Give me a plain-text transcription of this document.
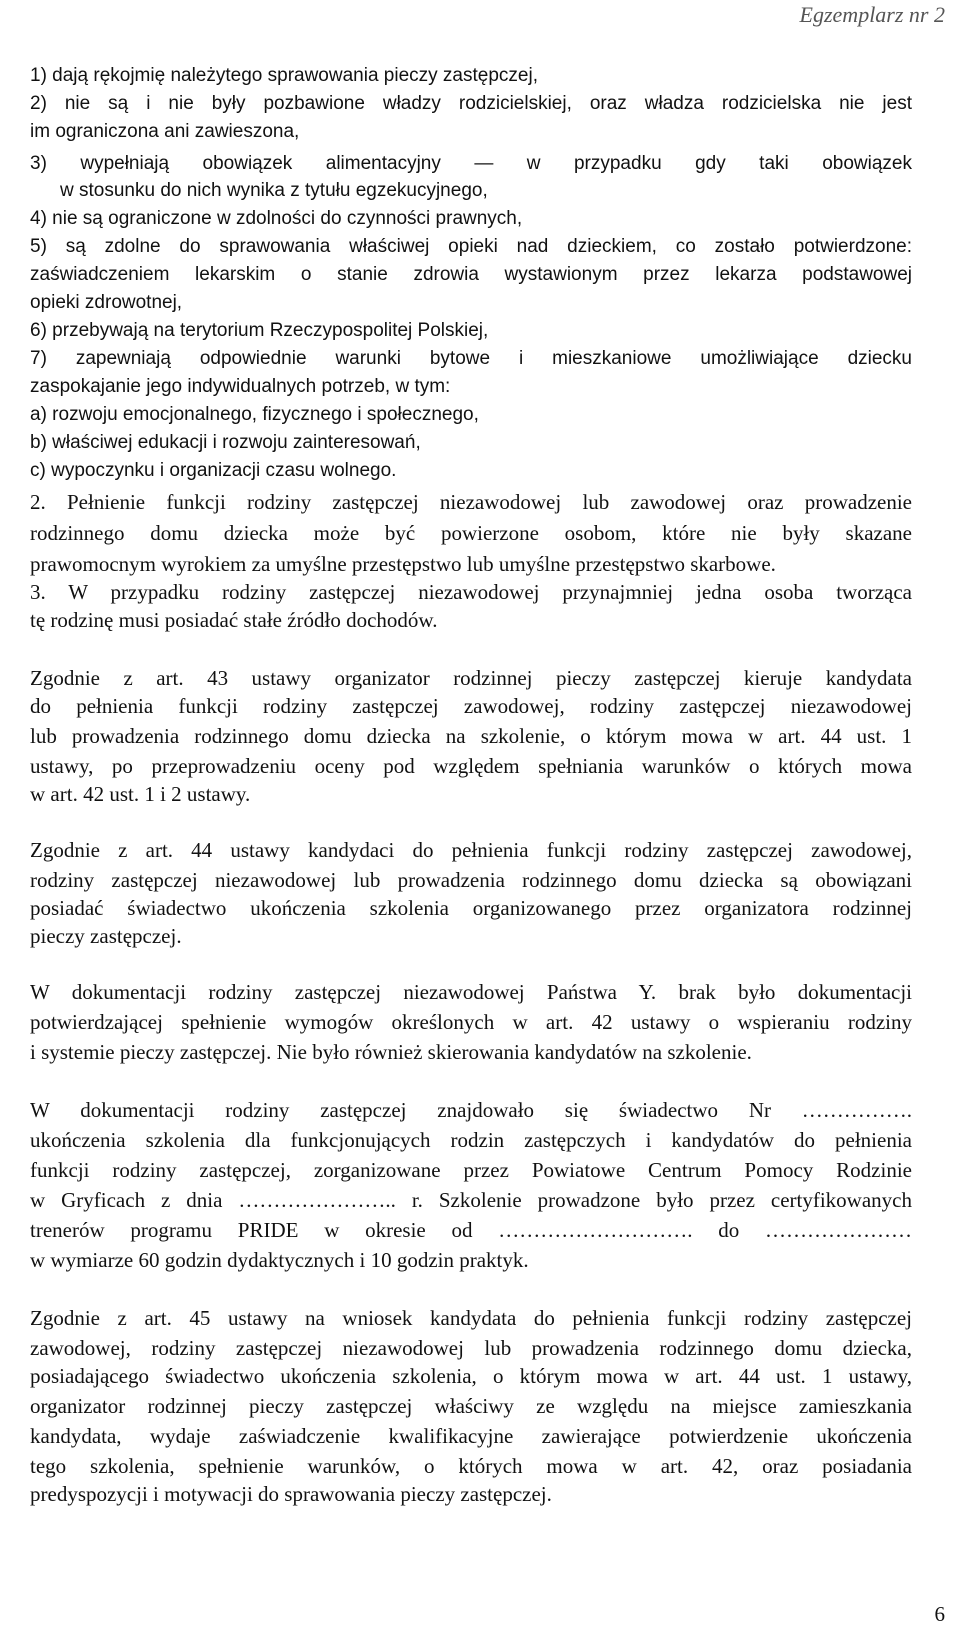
Egzemplarz nr 2
1) dają rękojmię należytego sprawowania pieczy zastępczej,
2) nie są i nie były pozbawione władzy rodzicielskiej, oraz władza rodzicielska nie jest
im ograniczona ani zawieszona,
3) wypełniają obowiązek alimentacyjny — w przypadku gdy taki obowiązek
w stosunku do nich wynika z tytułu egzekucyjnego,
4) nie są ograniczone w zdolności do czynności prawnych,
5) są zdolne do sprawowania właściwej opieki nad dzieckiem, co zostało potwierdzone:
zaświadczeniem lekarskim o stanie zdrowia wystawionym przez lekarza podstawowej
opieki zdrowotnej,
6) przebywają na terytorium Rzeczypospolitej Polskiej,
7) zapewniają odpowiednie warunki bytowe i mieszkaniowe umożliwiające dziecku
zaspokajanie jego indywidualnych potrzeb, w tym:
a) rozwoju emocjonalnego, fizycznego i społecznego,
b) właściwej edukacji i rozwoju zainteresowań,
c) wypoczynku i organizacji czasu wolnego.
2. Pełnienie funkcji rodziny zastępczej niezawodowej lub zawodowej oraz prowadzenie
rodzinnego domu dziecka może być powierzone osobom, które nie były skazane
prawomocnym wyrokiem za umyślne przestępstwo lub umyślne przestępstwo skarbowe.
3. W przypadku rodziny zastępczej niezawodowej przynajmniej jedna osoba tworząca
tę rodzinę musi posiadać stałe źródło dochodów.
Zgodnie z art. 43 ustawy organizator rodzinnej pieczy zastępczej kieruje kandydata
do pełnienia funkcji rodziny zastępczej zawodowej, rodziny zastępczej niezawodowej
lub prowadzenia rodzinnego domu dziecka na szkolenie, o którym mowa w art. 44 ust. 1
ustawy, po przeprowadzeniu oceny pod względem spełniania warunków o których mowa
w art. 42 ust. 1 i 2 ustawy.
Zgodnie z art. 44 ustawy kandydaci do pełnienia funkcji rodziny zastępczej zawodowej,
rodziny zastępczej niezawodowej lub prowadzenia rodzinnego domu dziecka są obowiązani
posiadać świadectwo ukończenia szkolenia organizowanego przez organizatora rodzinnej
pieczy zastępczej.
W dokumentacji rodziny zastępczej niezawodowej Państwa Y. brak było dokumentacji
potwierdzającej spełnienie wymogów określonych w art. 42 ustawy o wspieraniu rodziny
i systemie pieczy zastępczej. Nie było również skierowania kandydatów na szkolenie.
W dokumentacji rodziny zastępczej znajdowało się świadectwo Nr …………….
ukończenia szkolenia dla funkcjonujących rodzin zastępczych i kandydatów do pełnienia
funkcji rodziny zastępczej, zorganizowane przez Powiatowe Centrum Pomocy Rodzinie
w Gryficach z dnia ………………….. r. Szkolenie prowadzone było przez certyfikowanych
trenerów programu PRIDE w okresie od ………………………. do …………………
w wymiarze 60 godzin dydaktycznych i 10 godzin praktyk.
Zgodnie z art. 45 ustawy na wniosek kandydata do pełnienia funkcji rodziny zastępczej
zawodowej, rodziny zastępczej niezawodowej lub prowadzenia rodzinnego domu dziecka,
posiadającego świadectwo ukończenia szkolenia, o którym mowa w art. 44 ust. 1 ustawy,
organizator rodzinnej pieczy zastępczej właściwy ze względu na miejsce zamieszkania
kandydata, wydaje zaświadczenie kwalifikacyjne zawierające potwierdzenie ukończenia
tego szkolenia, spełnienie warunków, o których mowa w art. 42, oraz posiadania
predyspozycji i motywacji do sprawowania pieczy zastępczej.
6
